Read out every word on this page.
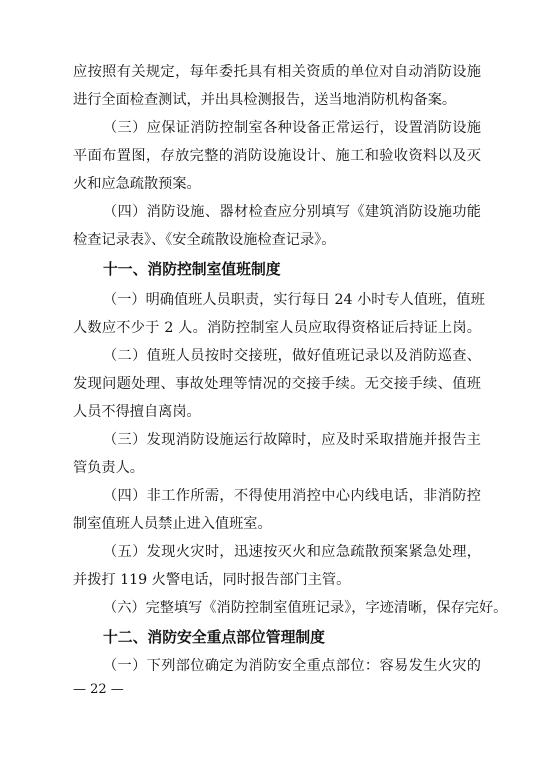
应按照有关规定，每年委托具有相关资质的单位对自动消防设施
进行全面检查测试，并出具检测报告，送当地消防机构备案。
（三）应保证消防控制室各种设备正常运行，设置消防设施
平面布置图，存放完整的消防设施设计、施工和验收资料以及灭
火和应急疏散预案。
（四）消防设施、器材检查应分别填写《建筑消防设施功能
检查记录表》、《安全疏散设施检查记录》。
十一、消防控制室值班制度
（一）明确值班人员职责，实行每日 24 小时专人值班，值班
人数应不少于 2 人。消防控制室人员应取得资格证后持证上岗。
（二）值班人员按时交接班，做好值班记录以及消防巡查、
发现问题处理、事故处理等情况的交接手续。无交接手续、值班
人员不得擅自离岗。
（三）发现消防设施运行故障时，应及时采取措施并报告主
管负责人。
（四）非工作所需，不得使用消控中心内线电话，非消防控
制室值班人员禁止进入值班室。
（五）发现火灾时，迅速按灭火和应急疏散预案紧急处理，
并拨打 119 火警电话，同时报告部门主管。
（六）完整填写《消防控制室值班记录》，字迹清晰，保存完好。
十二、消防安全重点部位管理制度
（一）下列部位确定为消防安全重点部位：容易发生火灾的
— 22 —
